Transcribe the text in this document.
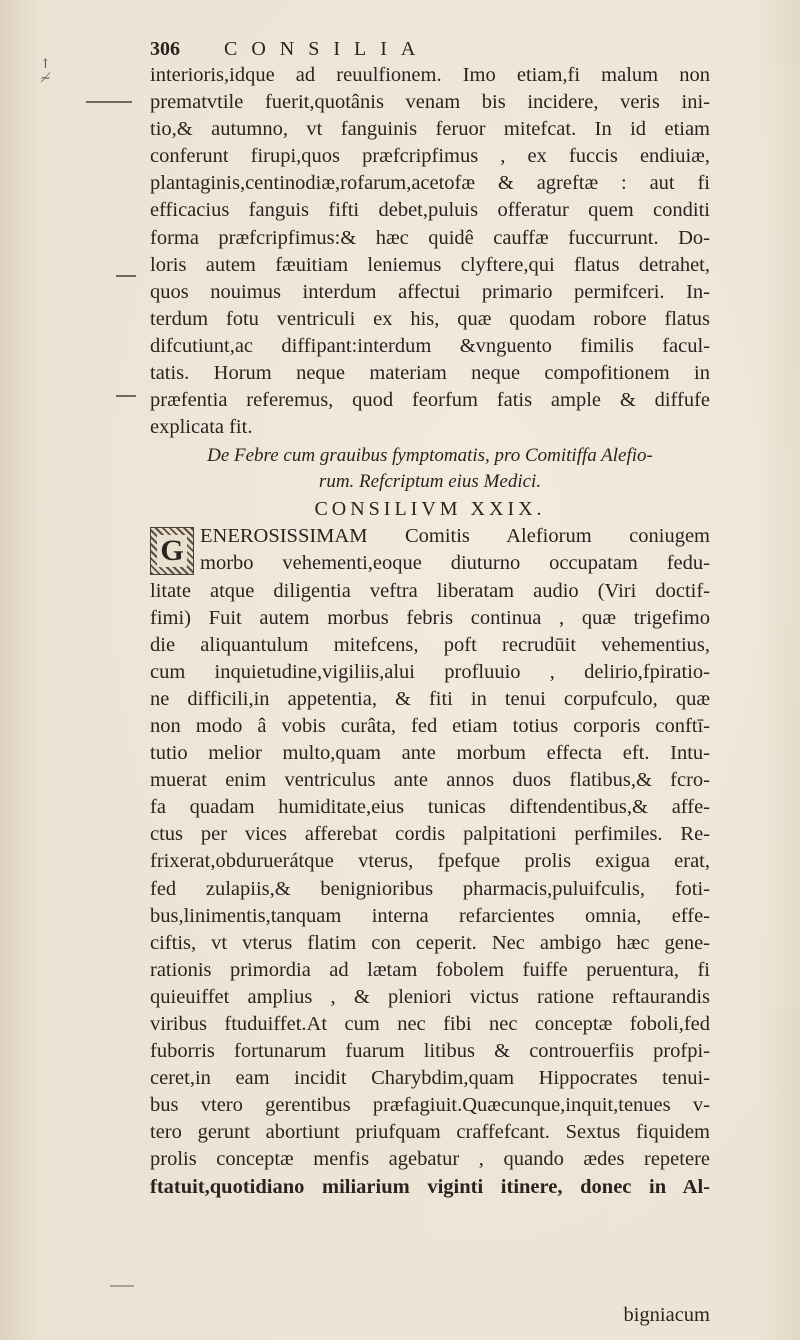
↑
≁
306 CONSILIA
interioris,idque ad reuulfionem. Imo etiam,fi malum non
prematvtile fuerit,quotânis venam bis incidere, veris ini-
tio,& autumno, vt fanguinis feruor mitefcat. In id etiam
conferunt firupi,quos præfcripfimus , ex fuccis endiuiæ,
plantaginis,centinodiæ,rofarum,acetofæ & agreftæ : aut fi
efficacius fanguis fifti debet,puluis offeratur quem conditi
forma præfcripfimus:& hæc quidê cauffæ fuccurrunt. Do-
loris autem fæuitiam leniemus clyftere,qui flatus detrahet,
quos nouimus interdum affectui primario permifceri. In-
terdum fotu ventriculi ex his, quæ quodam robore flatus
difcutiunt,ac diffipant:interdum &vnguento fimilis facul-
tatis. Horum neque materiam neque compofitionem in
præfentia referemus, quod feorfum fatis ample & diffufe
explicata fit.
De Febre cum grauibus fymptomatis, pro Comitiffa Alefio-
rum. Refcriptum eius Medici.
CONSILIVM XXIX.
G ENEROSISSIMAM Comitis Alefiorum coniugem
morbo vehementi,eoque diuturno occupatam fedu-
litate atque diligentia veftra liberatam audio (Viri doctif-
fimi) Fuit autem morbus febris continua , quæ trigefimo
die aliquantulum mitefcens, poft recrudūit vehementius,
cum inquietudine,vigiliis,alui profluuio , delirio,fpiratio-
ne difficili,in appetentia, & fiti in tenui corpufculo, quæ
non modo â vobis curâta, fed etiam totius corporis conftī-
tutio melior multo,quam ante morbum effecta eft. Intu-
muerat enim ventriculus ante annos duos flatibus,& fcro-
fa quadam humiditate,eius tunicas diftendentibus,& affe-
ctus per vices afferebat cordis palpitationi perfimiles. Re-
frixerat,obduruerátque vterus, fpefque prolis exigua erat,
fed zulapiis,& benignioribus pharmacis,puluifculis, foti-
bus,linimentis,tanquam interna refarcientes omnia, effe-
ciftis, vt vterus flatim con ceperit. Nec ambigo hæc gene-
rationis primordia ad lætam fobolem fuiffe peruentura, fi
quieuiffet amplius , & pleniori victus ratione reftaurandis
viribus ftuduiffet.At cum nec fibi nec conceptæ foboli,fed
fuborris fortunarum fuarum litibus & controuerfiis profpi-
ceret,in eam incidit Charybdim,quam Hippocrates tenui-
bus vtero gerentibus præfagiuit.Quæcunque,inquit,tenues v-
tero gerunt abortiunt priufquam craffefcant. Sextus fiquidem
prolis conceptæ menfis agebatur , quando ædes repetere
ftatuit,quotidiano miliarium viginti itinere, donec in Al-
bigniacum
